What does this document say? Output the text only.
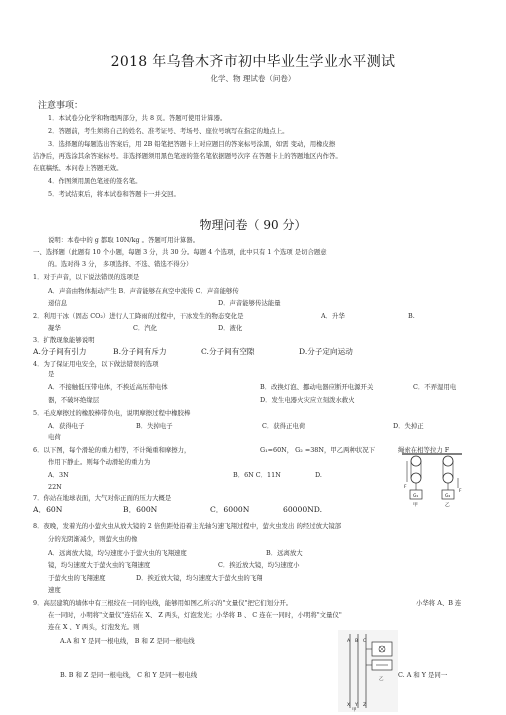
2018 年乌鲁木齐市初中毕业生学业水平测试
化学、物 理试卷（问卷）
注意事项：
1．本试卷分化学和物理两部分，共 8 页。答题可使用计算器。
2．答题前，考生须将自己的姓名、准考证号、考场号、座位号填写在指定的地点上。
3．选择题的每题选出答案后，用 2B 铅笔把答题卡上对应题目的答案标号涂黑，如需 变动，用橡皮擦
洁净后，再选涂其余答案标号。非选择题须用黑色笔迹的签名笔依据题号次序 在答题卡上的答题地区内作答。
在底稿纸、本问卷上答题无效。
4．作图须用黑色笔迹的签名笔。
5．考试结束后，将本试卷和答题卡一并交回。
物理问卷（ 90 分）
说明：本卷中的 g 都取 10N/kg 。答题可用计算器。
一、选择题（此题有 10 个小题，每题 3 分，共 30 分。每题 4 个选项，此中只有 1 个选项 是切合题意
的。选对得 3 分， 多项选择、不选、错选不得分）
1．对于声音，以下说法错误的选项是
A．声音由物体振动产生 B．声音能够在真空中流传 C．声音能够传
递信息	D．声音能够传达能量
2．利用干冰（固态 CO₂）进行人工降雨的过程中，干冰发生的物态变化是	A．升华	B.
凝华	C．汽化	D．液化
3．扩散现象能够说明
A.分子间有引力	B.分子间有斥力	C.分子间有空隙	D.分子定向运动
4．为了保证用电安全，以下做法错误的选项
是
A．不接触低压带电体，不挨近高压带电体	B．改换灯泡、挪动电器应断开电源开关	C．不弄湿用电
器，不破坏绝缘层	D．发生电器火灾应立刻泼水救火
5．毛皮摩擦过的橡胶棒带负电，说明摩擦过程中橡胶棒
A．获得电子	B．失掉电子	C．获得正电荷	D．失掉正
电荷
6．以下图，每个滑轮的重力相等，不计绳重和摩擦力，	G₁=60N， G₂ =38N，甲乙两种状况下	绳索在相等拉力 F
作用下静止。则每个动滑轮的重力为
A．3N	B．6N C．11N	D.
22N
G₁	G₂
F
F
甲	乙
7．你站在地球表面，大气对你正面的压力大概是
A．60N	B．600N	C．6000N	60000ND.
8．夜晚，发着光的小萤火虫从放大镜的 2 倍焦距处沿着主光轴匀速飞翔过程中，萤火虫发出 的经过放大镜部
分的光阴渐减少，则萤火虫的像
A．远离放大镜，均匀速度小于萤火虫的飞翔速度	B．远离放大
镜，均匀速度大于萤火虫的飞翔速度	C．挨近放大镜，均匀速度小
于萤火虫的飞翔速度	D．挨近放大镜，均匀速度大于萤火虫的飞翔
速度
9．高层建筑的墙体中有三根绞在一同的电线，能够用如图乙所示的"文量仪"把它们划分开。	小华将 A、B 连
在一同时，小明将"文量仪"连结在 X、 Z 两头，灯泡发光；小华将 B 、 C 连在一同时，小明将"文量仪"
连在 X 、Y 两头，灯泡发光。则
A.A 和 Y 是同一根电线， B 和 Z 是同一根电线
B. B 和 Z 是同一根电线， C 和 Y 是同一根电线	C. A 和 Y 是同一
A B C
X Y Z
甲
乙
